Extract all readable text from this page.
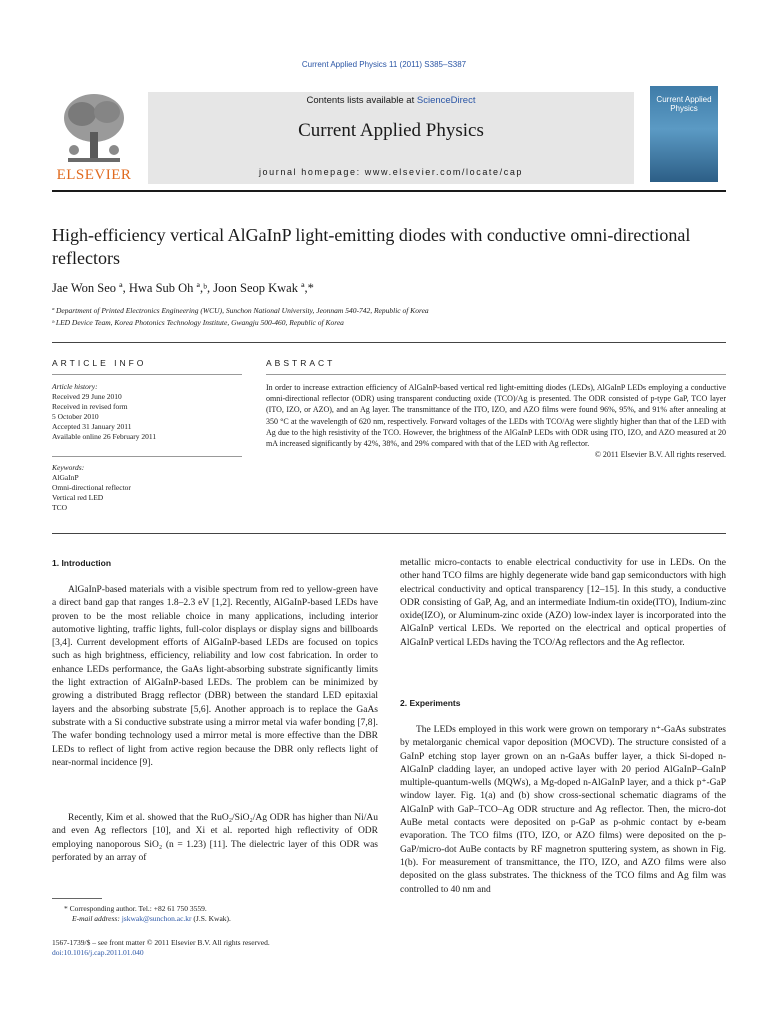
Current Applied Physics 11 (2011) S385–S387
ELSEVIER
Contents lists available at ScienceDirect
Current Applied Physics
journal homepage: www.elsevier.com/locate/cap
Current Applied Physics
High-efficiency vertical AlGaInP light-emitting diodes with conductive omni-directional reflectors
Jae Won Seo ª, Hwa Sub Oh ª,ᵇ, Joon Seop Kwak ª,*
ª Department of Printed Electronics Engineering (WCU), Sunchon National University, Jeonnam 540-742, Republic of Korea
ᵇ LED Device Team, Korea Photonics Technology Institute, Gwangju 500-460, Republic of Korea
ARTICLE INFO
Article history:
Received 29 June 2010
Received in revised form
5 October 2010
Accepted 31 January 2011
Available online 26 February 2011
Keywords:
AlGaInP
Omni-directional reflector
Vertical red LED
TCO
ABSTRACT

In order to increase extraction efficiency of AlGaInP-based vertical red light-emitting diodes (LEDs), AlGaInP LEDs employing a conductive omni-directional reflector (ODR) using transparent conducting oxide (TCO)/Ag is presented. The ODR consisted of p-type GaP, TCO layer (ITO, IZO, or AZO), and an Ag layer. The transmittance of the ITO, IZO, and AZO films were found 96%, 95%, and 91% after annealing at 350 °C at the wavelength of 620 nm, respectively. Forward voltages of the LEDs with TCO/Ag were slightly higher than that of the LED with Ag due to the high resistivity of the TCO. However, the brightness of the AlGaInP LEDs with ODR using ITO, IZO, and AZO measured at 20 mA increased significantly by 42%, 38%, and 29% compared with that of the LED with Ag reflector.

© 2011 Elsevier B.V. All rights reserved.

1. Introduction
AlGaInP-based materials with a visible spectrum from red to yellow-green have a direct band gap that ranges 1.8–2.3 eV [1,2]. Recently, AlGaInP-based LEDs have proven to be the most reliable choice in many applications, including interior automotive lighting, traffic lights, full-color displays or display signs and billboards [3,4]. Current development efforts of AlGaInP-based LEDs are focused on topics such as high brightness, efficiency, reliability and low cost fabrication. In order to enhance LEDs performance, the GaAs light-absorbing substrate significantly limits the light extraction of AlGaInP-based LEDs. The problem can be minimized by growing a distributed Bragg reflector (DBR) between the standard LED epitaxial layers and the absorbing substrate [5,6]. Another approach is to replace the GaAs substrate with a Si conductive substrate using a mirror metal via wafer bonding [7,8]. The wafer bonding technology used a mirror metal is more effective than the DBR LEDs to reflect of light from active region because the DBR only reflects light of near-normal incidence [9].
Recently, Kim et al. showed that the RuO₂/SiO₂/Ag ODR has higher than Ni/Au and even Ag reflectors [10], and Xi et al. reported high reflectivity of ODR employing nanoporous SiO₂ (n = 1.23) [11]. The dielectric layer of this ODR was perforated by an array of
metallic micro-contacts to enable electrical conductivity for use in LEDs. On the other hand TCO films are highly degenerate wide band gap semiconductors with high electrical conductivity and optical transparency [12–15]. In this study, a conductive ODR consisting of GaP, Ag, and an intermediate Indium-tin oxide(ITO), Indium-zinc oxide(IZO), or Aluminum-zinc oxide (AZO) low-index layer is incorporated into the AlGaInP vertical LEDs. We reported on the electrical and optical properties of AlGaInP vertical LEDs having the TCO/Ag reflectors and the Ag reflector.
2. Experiments
The LEDs employed in this work were grown on temporary n⁺-GaAs substrates by metalorganic chemical vapor deposition (MOCVD). The structure consisted of a GaInP etching stop layer grown on an n-GaAs buffer layer, a thick Si-doped n-AlGaInP cladding layer, an undoped active layer with 20 period AlGaInP–GaInP multiple-quantum-wells (MQWs), a Mg-doped n-AlGaInP layer, and a thick p⁺-GaP window layer. Fig. 1(a) and (b) show cross-sectional schematic diagrams of the AlGaInP with GaP–TCO–Ag ODR structure and Ag reflector. Then, the micro-dot AuBe metal contacts were deposited on p-GaP as p-ohmic contact by e-beam evaporation. The TCO films (ITO, IZO, or AZO films) were deposited on the p-GaP/micro-dot AuBe contacts by RF magnetron sputtering system, as shown in Fig. 1(b). For measurement of transmittance, the ITO, IZO, and AZO films were also deposited on the glass substrates. The thickness of the TCO films and Ag film was controlled to 40 nm and
* Corresponding author. Tel.: +82 61 750 3559.
E-mail address: jskwak@sunchon.ac.kr (J.S. Kwak).
1567-1739/$ – see front matter © 2011 Elsevier B.V. All rights reserved.
doi:10.1016/j.cap.2011.01.040
